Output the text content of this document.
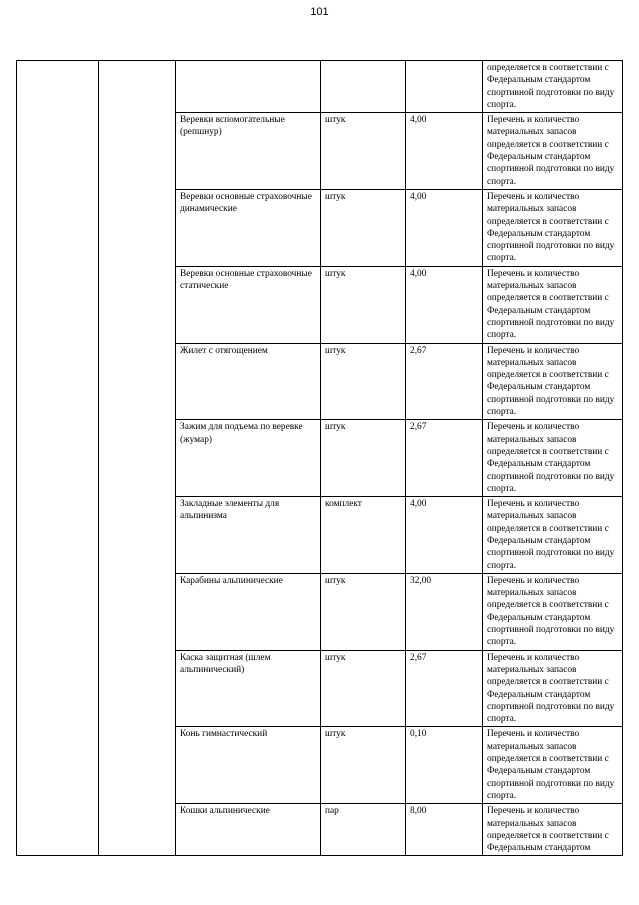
101
					определяется в соответствии с Федеральным стандартом спортивной подготовки по виду спорта.
		Веревки вспомогательные (репшнур)	штук	4,00	Перечень и количество материальных запасов определяется в соответствии с Федеральным стандартом спортивной подготовки по виду спорта.
		Веревки основные страховочные динамические	штук	4,00	Перечень и количество материальных запасов определяется в соответствии с Федеральным стандартом спортивной подготовки по виду спорта.
		Веревки основные страховочные статические	штук	4,00	Перечень и количество материальных запасов определяется в соответствии с Федеральным стандартом спортивной подготовки по виду спорта.
		Жилет с отягощением	штук	2,67	Перечень и количество материальных запасов определяется в соответствии с Федеральным стандартом спортивной подготовки по виду спорта.
		Зажим для подъема по веревке (жумар)	штук	2,67	Перечень и количество материальных запасов определяется в соответствии с Федеральным стандартом спортивной подготовки по виду спорта.
		Закладные элементы для альпинизма	комплект	4,00	Перечень и количество материальных запасов определяется в соответствии с Федеральным стандартом спортивной подготовки по виду спорта.
		Карабины альпинические	штук	32,00	Перечень и количество материальных запасов определяется в соответствии с Федеральным стандартом спортивной подготовки по виду спорта.
		Каска защитная (шлем альпинический)	штук	2,67	Перечень и количество материальных запасов определяется в соответствии с Федеральным стандартом спортивной подготовки по виду спорта.
		Конь гимнастический	штук	0,10	Перечень и количество материальных запасов определяется в соответствии с Федеральным стандартом спортивной подготовки по виду спорта.
		Кошки альпинические	пар	8,00	Перечень и количество материальных запасов определяется в соответствии с Федеральным стандартом
